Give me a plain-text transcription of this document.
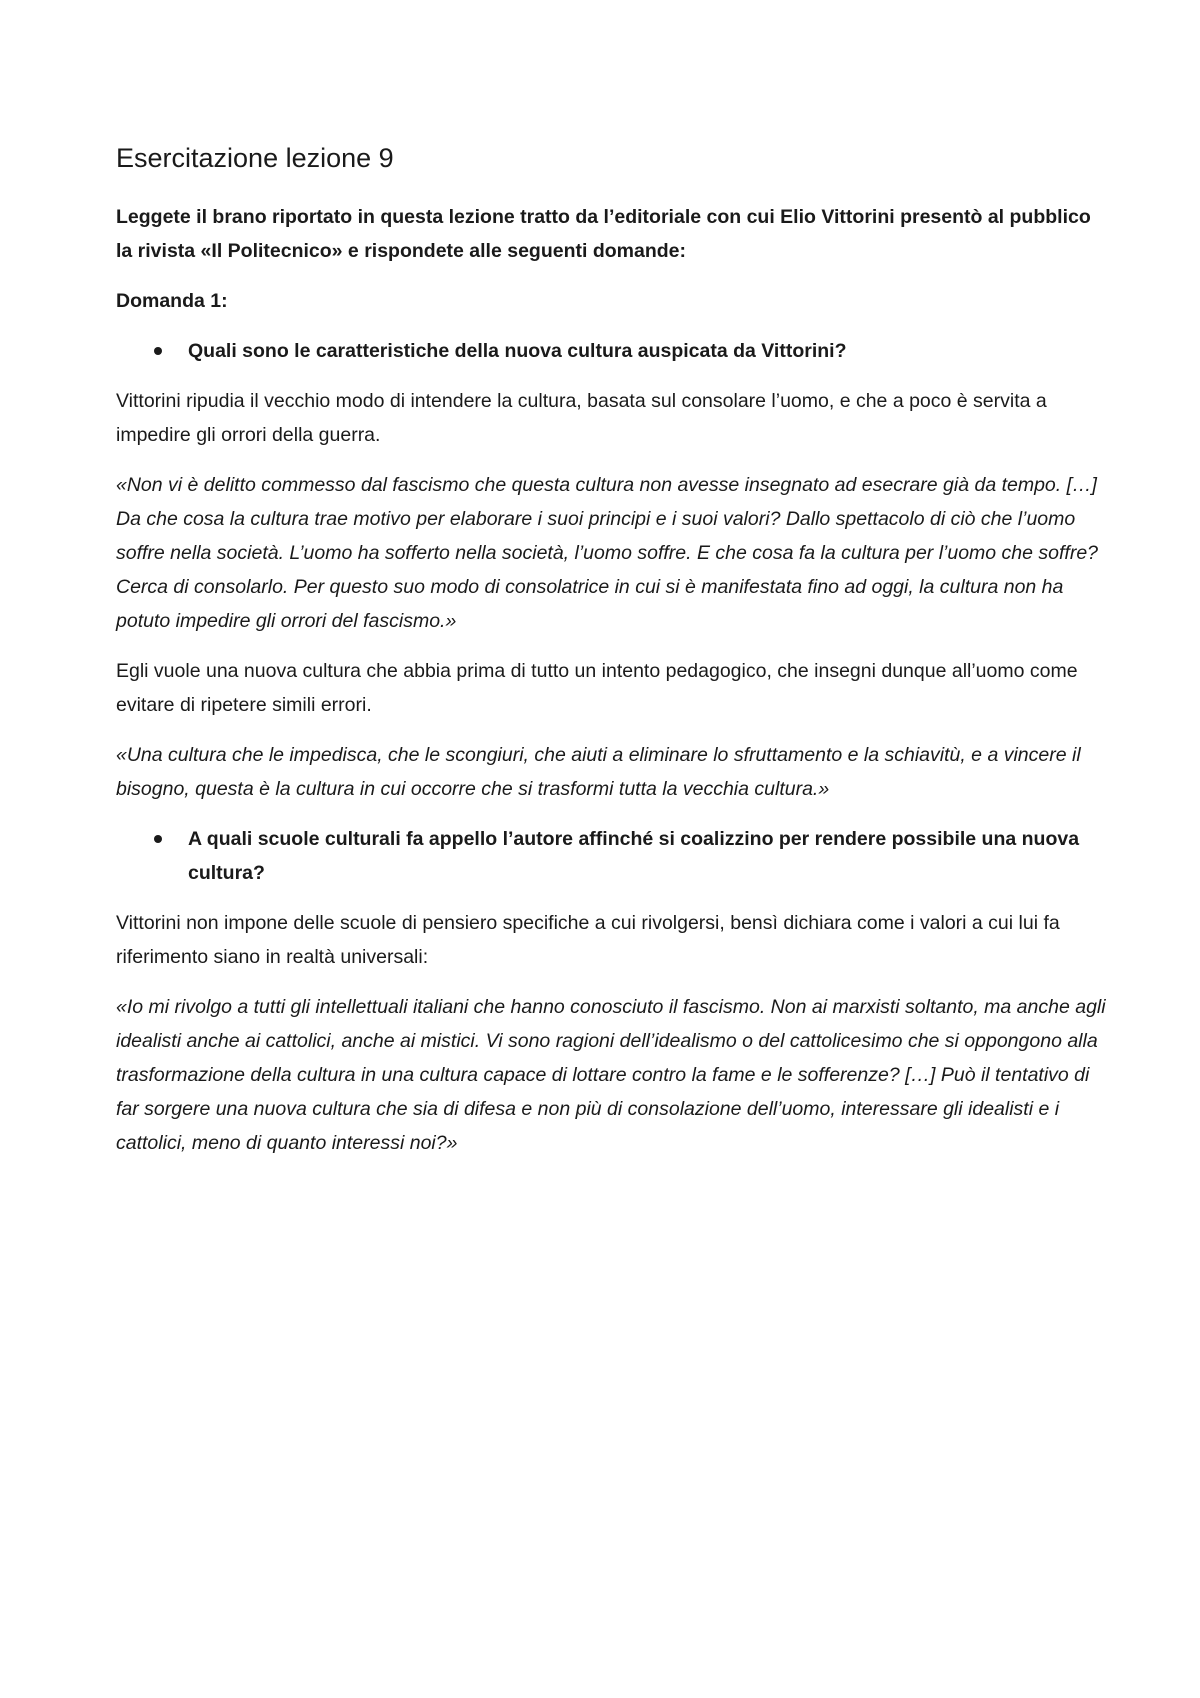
Esercitazione lezione 9

Leggete il brano riportato in questa lezione tratto da l’editoriale con cui Elio Vittorini presentò al pubblico la rivista «Il Politecnico» e rispondete alle seguenti domande:

Domanda 1:

Quali sono le caratteristiche della nuova cultura auspicata da Vittorini?

Vittorini ripudia il vecchio modo di intendere la cultura, basata sul consolare l’uomo, e che a poco è servita a impedire gli orrori della guerra.

«Non vi è delitto commesso dal fascismo che questa cultura non avesse insegnato ad esecrare già da tempo. […] Da che cosa la cultura trae motivo per elaborare i suoi principi e i suoi valori? Dallo spettacolo di ciò che l’uomo soffre nella società. L’uomo ha sofferto nella società, l’uomo soffre. E che cosa fa la cultura per l’uomo che soffre? Cerca di consolarlo. Per questo suo modo di consolatrice in cui si è manifestata fino ad oggi, la cultura non ha potuto impedire gli orrori del fascismo.»

Egli vuole una nuova cultura che abbia prima di tutto un intento pedagogico, che insegni dunque all’uomo come evitare di ripetere simili errori.

«Una cultura che le impedisca, che le scongiuri, che aiuti a eliminare lo sfruttamento e la schiavitù, e a vincere il bisogno, questa è la cultura in cui occorre che si trasformi tutta la vecchia cultura.»

A quali scuole culturali fa appello l’autore affinché si coalizzino per rendere possibile una nuova cultura?

Vittorini non impone delle scuole di pensiero specifiche a cui rivolgersi, bensì dichiara come i valori a cui lui fa riferimento siano in realtà universali:

«Io mi rivolgo a tutti gli intellettuali italiani che hanno conosciuto il fascismo. Non ai marxisti soltanto, ma anche agli idealisti anche ai cattolici, anche ai mistici. Vi sono ragioni dell’idealismo o del cattolicesimo che si oppongono alla trasformazione della cultura in una cultura capace di lottare contro la fame e le sofferenze? […] Può il tentativo di far sorgere una nuova cultura che sia di difesa e non più di consolazione dell’uomo, interessare gli idealisti e i cattolici, meno di quanto interessi noi?»
